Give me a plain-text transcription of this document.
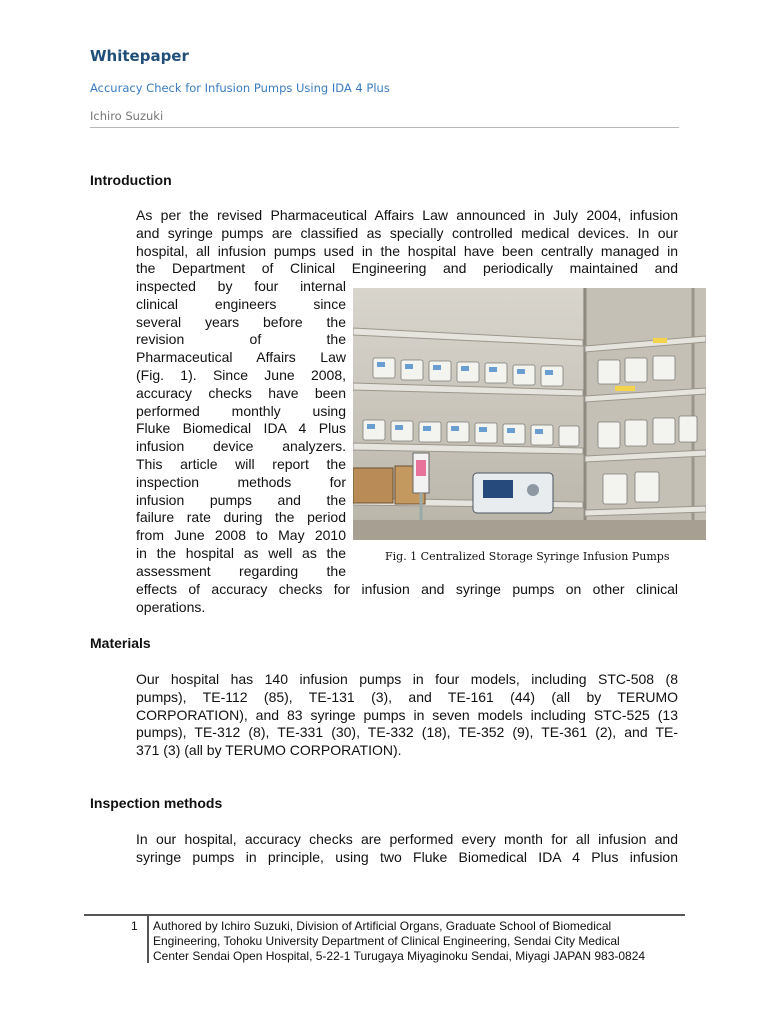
Whitepaper
Accuracy Check for Infusion Pumps Using IDA 4 Plus
Ichiro Suzuki
Introduction
As per the revised Pharmaceutical Affairs Law announced in July 2004, infusion
and syringe pumps are classified as specially controlled medical devices. In our
hospital, all infusion pumps used in the hospital have been centrally managed in
the Department of Clinical Engineering and periodically maintained and
inspected by four internal
clinical engineers since
several years before the
revision of the
Pharmaceutical Affairs Law
(Fig. 1). Since June 2008,
accuracy checks have been
performed monthly using
Fluke Biomedical IDA 4 Plus
infusion device analyzers.
This article will report the
inspection methods for
infusion pumps and the
failure rate during the period
from June 2008 to May 2010
in the hospital as well as the
assessment regarding the
Fig. 1 Centralized Storage Syringe Infusion Pumps
effects of accuracy checks for infusion and syringe pumps on other clinical
operations.
Materials
Our hospital has 140 infusion pumps in four models, including STC-508 (8
pumps), TE-112 (85), TE-131 (3), and TE-161 (44) (all by TERUMO
CORPORATION), and 83 syringe pumps in seven models including STC-525 (13
pumps), TE-312 (8), TE-331 (30), TE-332 (18), TE-352 (9), TE-361 (2), and TE-
371 (3) (all by TERUMO CORPORATION).
Inspection methods
In our hospital, accuracy checks are performed every month for all infusion and
syringe pumps in principle, using two Fluke Biomedical IDA 4 Plus infusion
1 Authored by Ichiro Suzuki, Division of Artificial Organs, Graduate School of Biomedical
Engineering, Tohoku University Department of Clinical Engineering, Sendai City Medical
Center Sendai Open Hospital, 5-22-1 Turugaya Miyaginoku Sendai, Miyagi JAPAN 983-0824
